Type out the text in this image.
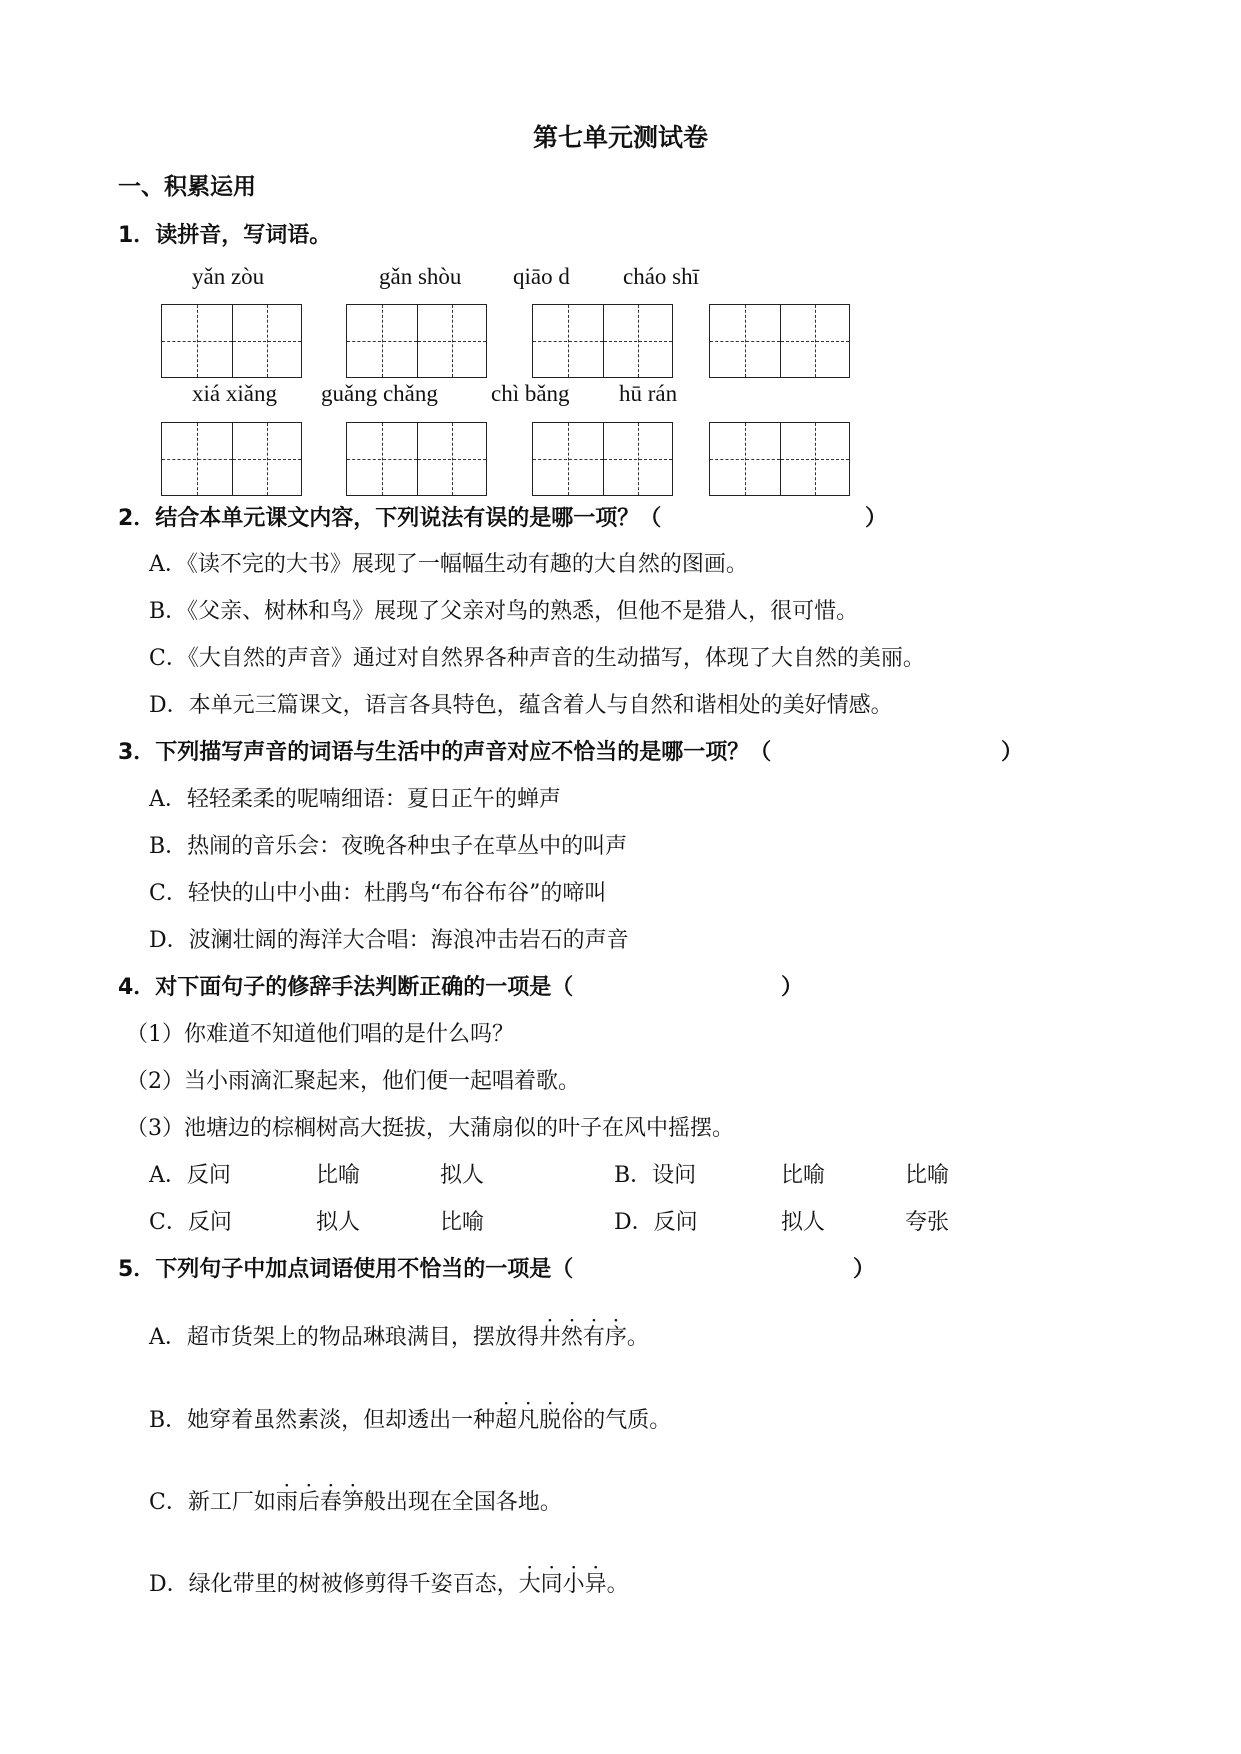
第七单元测试卷
一、积累运用
1．读拼音，写词语。
yǎn zòu	gǎn shòu qiāo d cháo shī
xiá xiǎng guǎng chǎng chì bǎng hū rán
2．结合本单元课文内容，下列说法有误的是哪一项？（	）
A．《读不完的大书》展现了一幅幅生动有趣的大自然的图画。
B．《父亲、树林和鸟》展现了父亲对鸟的熟悉，但他不是猎人，很可惜。
C．《大自然的声音》通过对自然界各种声音的生动描写，体现了大自然的美丽。
D．本单元三篇课文，语言各具特色，蕴含着人与自然和谐相处的美好情感。
3．下列描写声音的词语与生活中的声音对应不恰当的是哪一项？（	）
A．轻轻柔柔的呢喃细语：夏日正午的蝉声
B．热闹的音乐会：夜晚各种虫子在草丛中的叫声
C．轻快的山中小曲：杜鹃鸟“布谷布谷”的啼叫
D．波澜壮阔的海洋大合唱：海浪冲击岩石的声音
4．对下面句子的修辞手法判断正确的一项是（	）
（1）你难道不知道他们唱的是什么吗？
（2）当小雨滴汇聚起来，他们便一起唱着歌。
（3）池塘边的棕榈树高大挺拔，大蒲扇似的叶子在风中摇摆。
A．反问	比喻	拟人	B．设问	比喻	比喻
C．反问	拟人	比喻	D．反问	拟人	夸张
5．下列句子中加点词语使用不恰当的一项是（	）
A．超市货架上的物品琳琅满目，摆放得
· · · ·
井然有序。
B．她穿着虽然素淡，但却透出一种
· · · ·
超凡脱俗的气质。
C．新工厂如
· · · ·
雨后春笋般出现在全国各地。
D．绿化带里的树被修剪得千姿百态，
· · · ·
大同小异。
